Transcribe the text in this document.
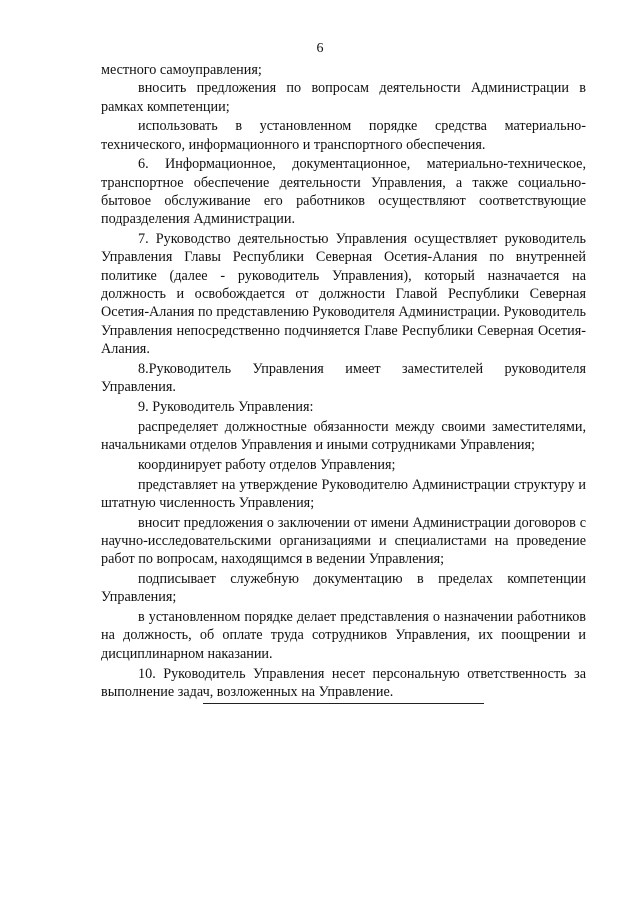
6

местного самоуправления;

вносить предложения по вопросам деятельности Администрации в рамках компетенции;

использовать в установленном порядке средства материально-технического, информационного и транспортного обеспечения.

6. Информационное, документационное, материально-техническое, транспортное обеспечение деятельности Управления, а также социально-бытовое обслуживание его работников осуществляют соответствующие подразделения Администрации.

7. Руководство деятельностью Управления осуществляет руководитель Управления Главы Республики Северная Осетия-Алания по внутренней политике (далее - руководитель Управления), который назначается на должность и освобождается от должности Главой Республики Северная Осетия-Алания по представлению Руководителя Администрации. Руководитель Управления непосредственно подчиняется Главе Республики Северная Осетия-Алания.

8.Руководитель Управления имеет заместителей руководителя Управления.

9. Руководитель Управления:

распределяет должностные обязанности между своими заместителями, начальниками отделов Управления и иными сотрудниками Управления;

координирует работу отделов Управления;

представляет на утверждение Руководителю Администрации структуру и штатную численность Управления;

вносит предложения о заключении от имени Администрации договоров с научно-исследовательскими организациями и специалистами на проведение работ по вопросам, находящимся в ведении Управления;

подписывает служебную документацию в пределах компетенции Управления;

в установленном порядке делает представления о назначении работников на должность, об оплате труда сотрудников Управления, их поощрении и дисциплинарном наказании.

10. Руководитель Управления несет персональную ответственность за выполнение задач, возложенных на Управление.
